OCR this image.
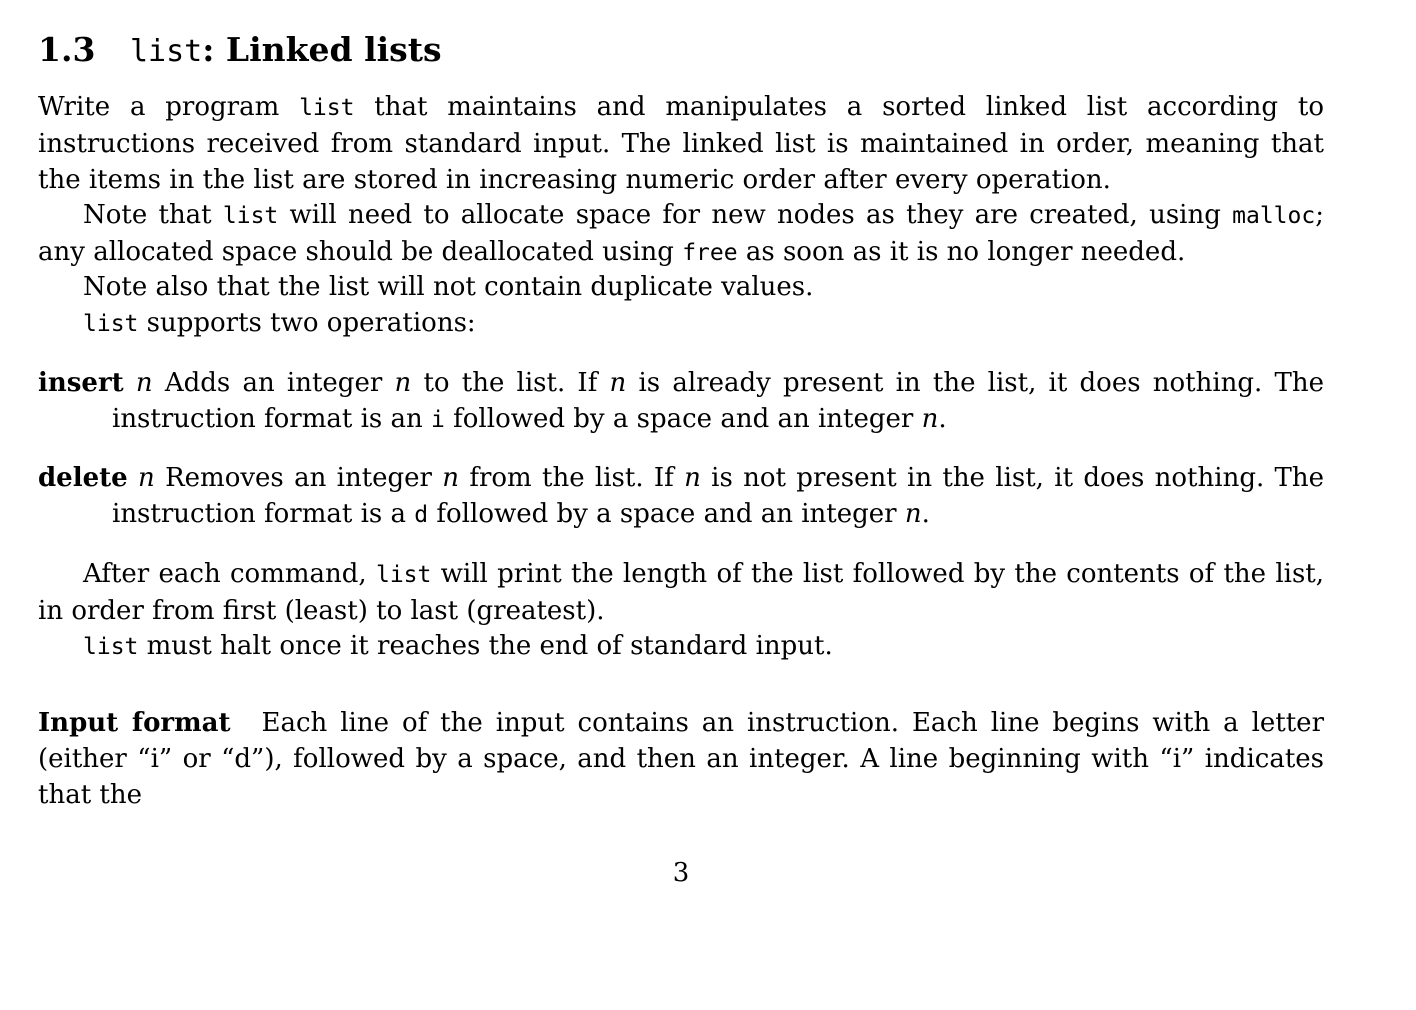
1.3 list: Linked lists

Write a program list that maintains and manipulates a sorted linked list according to instructions received from standard input. The linked list is maintained in order, meaning that the items in the list are stored in increasing numeric order after every operation.

Note that list will need to allocate space for new nodes as they are created, using malloc; any allocated space should be deallocated using free as soon as it is no longer needed.

Note also that the list will not contain duplicate values.

list supports two operations:

insert n Adds an integer n to the list. If n is already present in the list, it does nothing. The instruction format is an i followed by a space and an integer n.

delete n Removes an integer n from the list. If n is not present in the list, it does nothing. The instruction format is a d followed by a space and an integer n.

After each command, list will print the length of the list followed by the contents of the list, in order from first (least) to last (greatest).

list must halt once it reaches the end of standard input.

Input format Each line of the input contains an instruction. Each line begins with a letter (either “i” or “d”), followed by a space, and then an integer. A line beginning with “i” indicates that the

3
